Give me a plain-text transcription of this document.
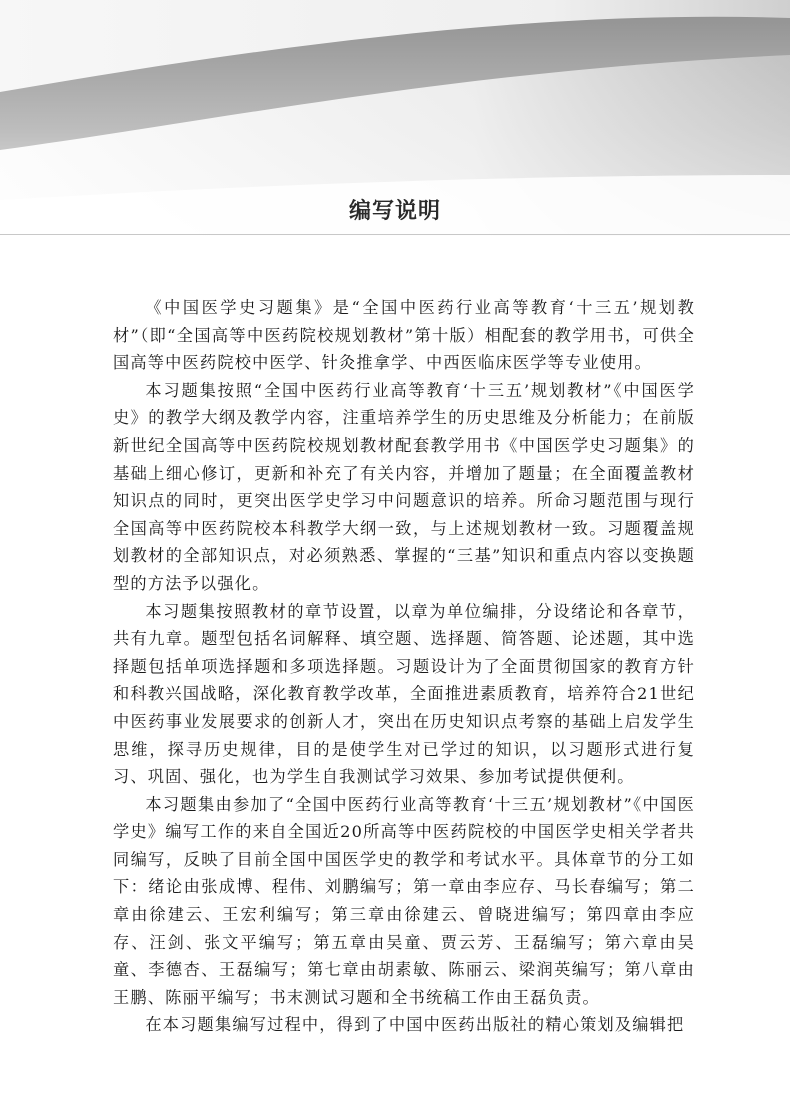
编写说明

《中国医学史习题集》是“全国中医药行业高等教育‘十三五’规划教材”（即“全国高等中医药院校规划教材”第十版）相配套的教学用书，可供全国高等中医药院校中医学、针灸推拿学、中西医临床医学等专业使用。

本习题集按照“全国中医药行业高等教育‘十三五’规划教材”《中国医学史》的教学大纲及教学内容，注重培养学生的历史思维及分析能力；在前版新世纪全国高等中医药院校规划教材配套教学用书《中国医学史习题集》的基础上细心修订，更新和补充了有关内容，并增加了题量；在全面覆盖教材知识点的同时，更突出医学史学习中问题意识的培养。所命习题范围与现行全国高等中医药院校本科教学大纲一致，与上述规划教材一致。习题覆盖规划教材的全部知识点，对必须熟悉、掌握的“三基”知识和重点内容以变换题型的方法予以强化。

本习题集按照教材的章节设置，以章为单位编排，分设绪论和各章节，共有九章。题型包括名词解释、填空题、选择题、简答题、论述题，其中选择题包括单项选择题和多项选择题。习题设计为了全面贯彻国家的教育方针和科教兴国战略，深化教育教学改革，全面推进素质教育，培养符合21世纪中医药事业发展要求的创新人才，突出在历史知识点考察的基础上启发学生思维，探寻历史规律，目的是使学生对已学过的知识，以习题形式进行复习、巩固、强化，也为学生自我测试学习效果、参加考试提供便利。

本习题集由参加了“全国中医药行业高等教育‘十三五’规划教材”《中国医学史》编写工作的来自全国近20所高等中医药院校的中国医学史相关学者共同编写，反映了目前全国中国医学史的教学和考试水平。具体章节的分工如下：绪论由张成博、程伟、刘鹏编写；第一章由李应存、马长春编写；第二章由徐建云、王宏利编写；第三章由徐建云、曾晓进编写；第四章由李应存、汪剑、张文平编写；第五章由吴童、贾云芳、王磊编写；第六章由吴童、李德杏、王磊编写；第七章由胡素敏、陈丽云、梁润英编写；第八章由王鹏、陈丽平编写；书末测试习题和全书统稿工作由王磊负责。

在本习题集编写过程中，得到了中国中医药出版社的精心策划及编辑把
